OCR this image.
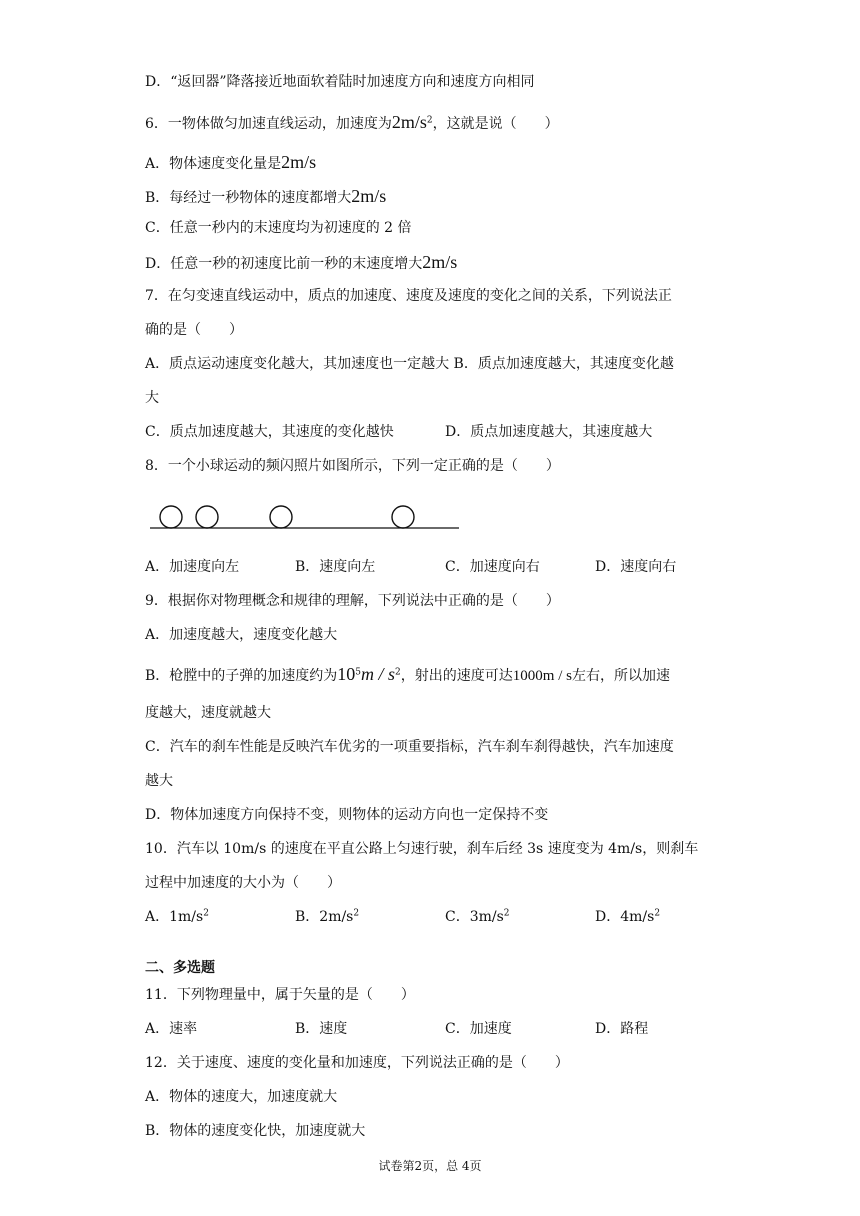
D．“返回器”降落接近地面软着陆时加速度方向和速度方向相同
6．一物体做匀加速直线运动，加速度为$2m/s^2$，这就是说（　　）
A．物体速度变化量是2m/s
B．每经过一秒物体的速度都增大2m/s
C．任意一秒内的末速度均为初速度的 2 倍
D．任意一秒的初速度比前一秒的末速度增大2m/s
7．在匀变速直线运动中，质点的加速度、速度及速度的变化之间的关系，下列说法正
确的是（　　）
A．质点运动速度变化越大，其加速度也一定越大 B．质点加速度越大，其速度变化越
大
C．质点加速度越大，其速度的变化越快	D．质点加速度越大，其速度越大
8．一个小球运动的频闪照片如图所示，下列一定正确的是（　　）
A．加速度向左	B．速度向左	C．加速度向右	D．速度向右
9．根据你对物理概念和规律的理解，下列说法中正确的是（　　）
A．加速度越大，速度变化越大
B．枪膛中的子弹的加速度约为$10^5m / s^2$，射出的速度可达1000m / s左右，所以加速
度越大，速度就越大
C．汽车的刹车性能是反映汽车优劣的一项重要指标，汽车刹车刹得越快，汽车加速度
越大
D．物体加速度方向保持不变，则物体的运动方向也一定保持不变
10．汽车以 10m/s 的速度在平直公路上匀速行驶，刹车后经 3s 速度变为 4m/s，则刹车
过程中加速度的大小为（　　）
A．$1m/s^2$	B．$2m/s^2$	C．$3m/s^2$	D．$4m/s^2$
二、多选题
11．下列物理量中，属于矢量的是（　　）
A．速率	B．速度	C．加速度	D．路程
12．关于速度、速度的变化量和加速度，下列说法正确的是（　　）
A．物体的速度大，加速度就大
B．物体的速度变化快，加速度就大
试卷第2页，总 4页
